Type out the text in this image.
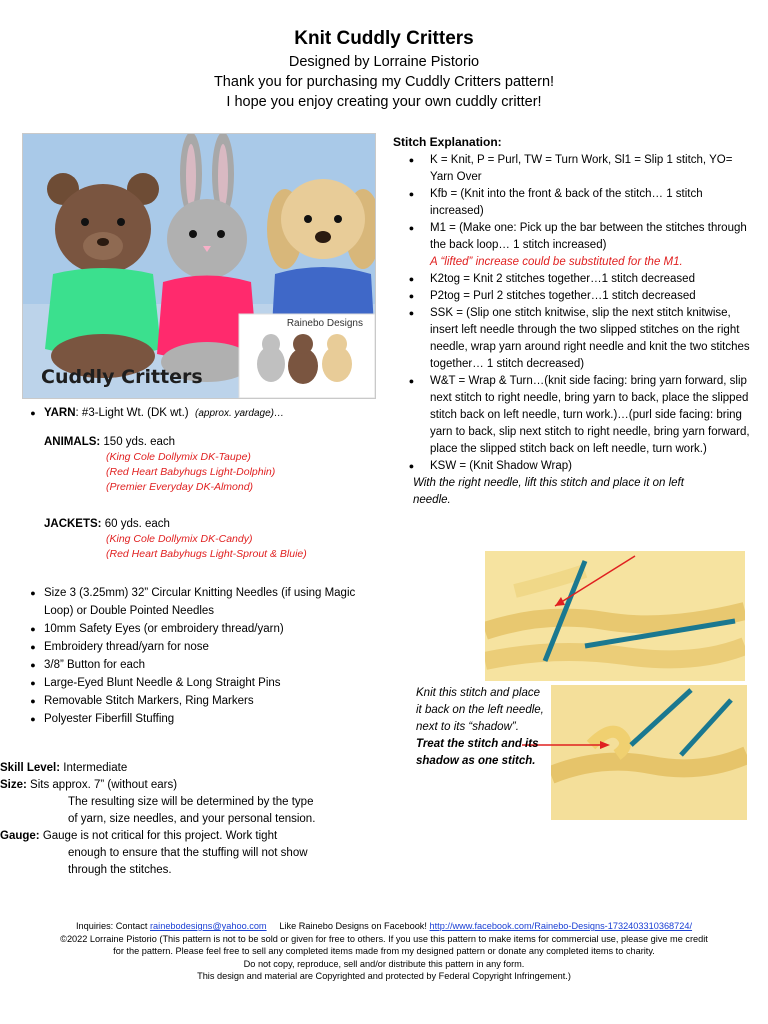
Knit Cuddly Critters
Designed by Lorraine Pistorio
Thank you for purchasing my Cuddly Critters pattern!
I hope you enjoy creating your own cuddly critter!
Cuddly Critters
Rainebo Designs
● YARN: #3-Light Wt. (DK wt.) (approx. yardage)…
ANIMALS: 150 yds. each
(King Cole Dollymix DK-Taupe)
(Red Heart Babyhugs Light-Dolphin)
(Premier Everyday DK-Almond)
JACKETS: 60 yds. each
(King Cole Dollymix DK-Candy)
(Red Heart Babyhugs Light-Sprout & Bluie)
● Size 3 (3.25mm) 32” Circular Knitting Needles (if using Magic Loop) or Double Pointed Needles
● 10mm Safety Eyes (or embroidery thread/yarn)
● Embroidery thread/yarn for nose
● 3/8” Button for each
● Large-Eyed Blunt Needle & Long Straight Pins
● Removable Stitch Markers, Ring Markers
● Polyester Fiberfill Stuffing
Skill Level: Intermediate
Size: Sits approx. 7” (without ears)
The resulting size will be determined by the type
of yarn, size needles, and your personal tension.
Gauge: Gauge is not critical for this project. Work tight
enough to ensure that the stuffing will not show
through the stitches.
Stitch Explanation:
●	K = Knit, P = Purl, TW = Turn Work, Sl1 = Slip 1 stitch, YO= Yarn Over
●	Kfb = (Knit into the front & back of the stitch… 1 stitch increased)
●	M1 = (Make one: Pick up the bar between the stitches through the back loop… 1 stitch increased)
A “lifted” increase could be substituted for the M1.
●	K2tog = Knit 2 stitches together…1 stitch decreased
●	P2tog = Purl 2 stitches together…1 stitch decreased
●	SSK = (Slip one stitch knitwise, slip the next stitch knitwise, insert left needle through the two slipped stitches on the right needle, wrap yarn around right needle and knit the two stitches together… 1 stitch decreased)
●	W&T = Wrap & Turn…(knit side facing: bring yarn forward, slip next stitch to right needle, bring yarn to back, place the slipped stitch back on left needle, turn work.)…(purl side facing: bring yarn to back, slip next stitch to right needle, bring yarn forward, place the slipped stitch back on left needle, turn work.)
●	KSW = (Knit Shadow Wrap)
With the right needle, lift this stitch and place it on left needle.
Knit this stitch and place it back on the left needle, next to its “shadow”.
Treat the stitch and its shadow as one stitch.
Inquiries: Contact rainebodesigns@yahoo.com     Like Rainebo Designs on Facebook! http://www.facebook.com/Rainebo-Designs-1732403310368724/
©2022 Lorraine Pistorio (This pattern is not to be sold or given for free to others. If you use this pattern to make items for commercial use, please give me credit
for the pattern. Please feel free to sell any completed items made from my designed pattern or donate any completed items to charity.
Do not copy, reproduce, sell and/or distribute this pattern in any form.
This design and material are Copyrighted and protected by Federal Copyright Infringement.)
